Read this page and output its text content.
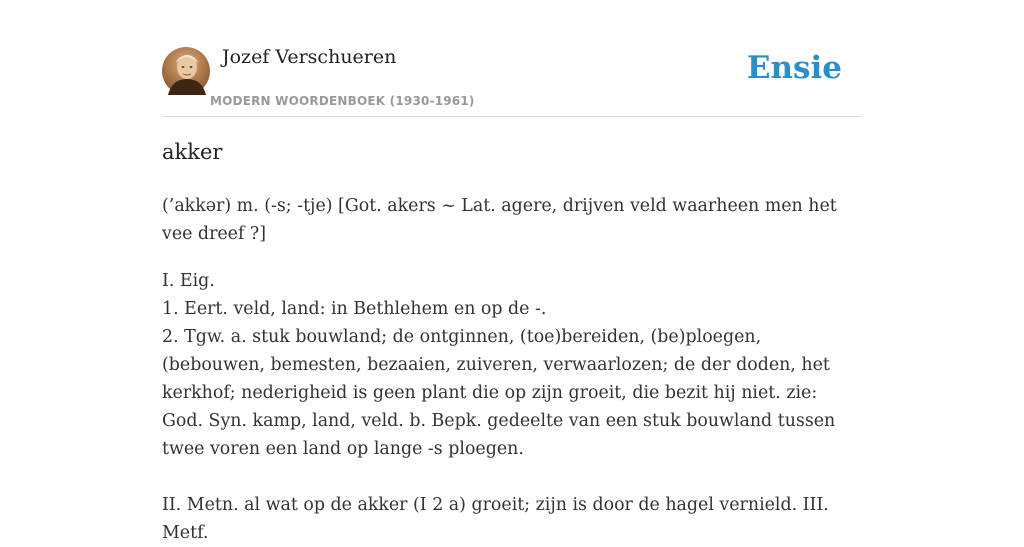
Jozef Verschueren
MODERN WOORDENBOEK (1930-1961)
Ensie
akker

(’akkər) m. (-s; -tje) [Got. akers ~ Lat. agere, drijven veld waarheen men het vee dreef ?]

I. Eig.

1. Eert. veld, land: in Bethlehem en op de -.

2. Tgw. a. stuk bouwland; de ontginnen, (toe)bereiden, (be)ploegen, (bebouwen, bemesten, bezaaien, zuiveren, verwaarlozen; de der doden, het kerkhof; nederigheid is geen plant die op zijn groeit, die bezit hij niet. zie: God. Syn. kamp, land, veld. b. Bepk. gedeelte van een stuk bouwland tussen twee voren een land op lange -s ploegen.

II. Metn. al wat op de akker (I 2 a) groeit; zijn is door de hagel vernield. III. Metf.
